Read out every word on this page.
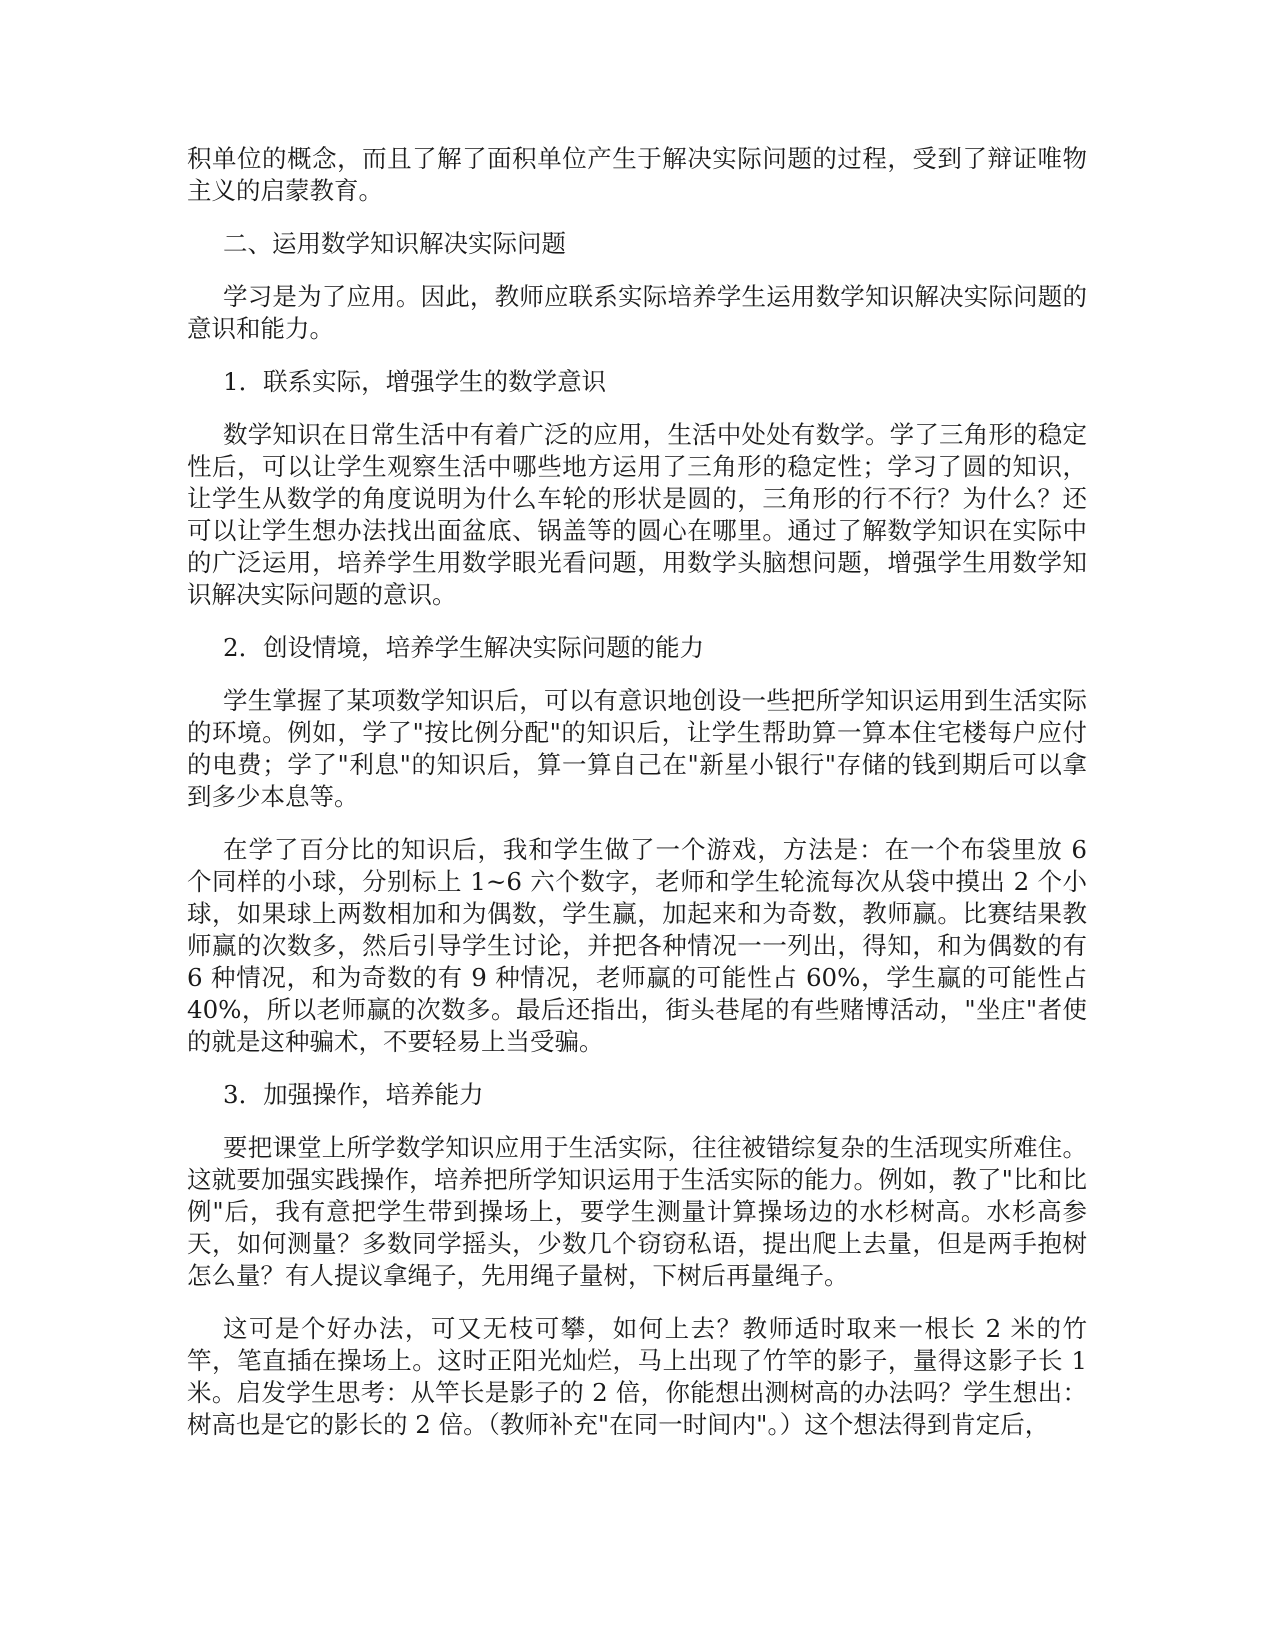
积单位的概念，而且了解了面积单位产生于解决实际问题的过程，受到了辩证唯物主义的启蒙教育。

二、运用数学知识解决实际问题

学习是为了应用。因此，教师应联系实际培养学生运用数学知识解决实际问题的意识和能力。

1．联系实际，增强学生的数学意识

数学知识在日常生活中有着广泛的应用，生活中处处有数学。学了三角形的稳定性后，可以让学生观察生活中哪些地方运用了三角形的稳定性；学习了圆的知识，让学生从数学的角度说明为什么车轮的形状是圆的，三角形的行不行？为什么？还可以让学生想办法找出面盆底、锅盖等的圆心在哪里。通过了解数学知识在实际中的广泛运用，培养学生用数学眼光看问题，用数学头脑想问题，增强学生用数学知识解决实际问题的意识。

2．创设情境，培养学生解决实际问题的能力

学生掌握了某项数学知识后，可以有意识地创设一些把所学知识运用到生活实际的环境。例如，学了"按比例分配"的知识后，让学生帮助算一算本住宅楼每户应付的电费；学了"利息"的知识后，算一算自己在"新星小银行"存储的钱到期后可以拿到多少本息等。

在学了百分比的知识后，我和学生做了一个游戏，方法是：在一个布袋里放 6 个同样的小球，分别标上 1~6 六个数字，老师和学生轮流每次从袋中摸出 2 个小球，如果球上两数相加和为偶数，学生赢，加起来和为奇数，教师赢。比赛结果教师赢的次数多，然后引导学生讨论，并把各种情况一一列出，得知，和为偶数的有 6 种情况，和为奇数的有 9 种情况，老师赢的可能性占 60%，学生赢的可能性占 40%，所以老师赢的次数多。最后还指出，街头巷尾的有些赌博活动，"坐庄"者使的就是这种骗术，不要轻易上当受骗。

3．加强操作，培养能力

要把课堂上所学数学知识应用于生活实际，往往被错综复杂的生活现实所难住。这就要加强实践操作，培养把所学知识运用于生活实际的能力。例如，教了"比和比例"后，我有意把学生带到操场上，要学生测量计算操场边的水杉树高。水杉高参天，如何测量？多数同学摇头，少数几个窃窃私语，提出爬上去量，但是两手抱树怎么量？有人提议拿绳子，先用绳子量树，下树后再量绳子。

这可是个好办法，可又无枝可攀，如何上去？教师适时取来一根长 2 米的竹竿，笔直插在操场上。这时正阳光灿烂，马上出现了竹竿的影子，量得这影子长 1 米。启发学生思考：从竿长是影子的 2 倍，你能想出测树高的办法吗？学生想出：树高也是它的影长的 2 倍。（教师补充"在同一时间内"。）这个想法得到肯定后，
